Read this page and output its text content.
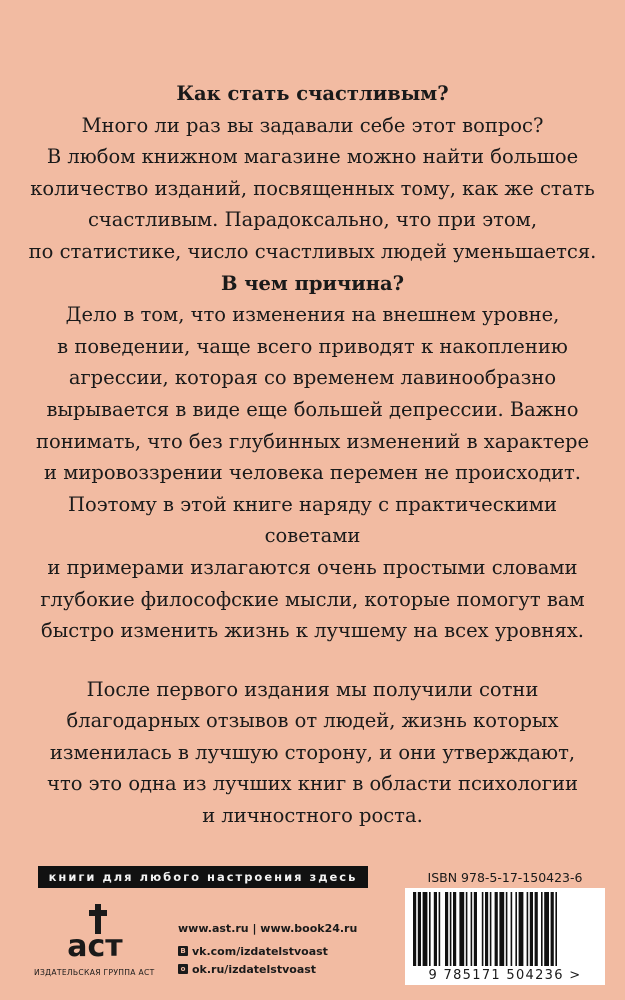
Как стать счастливым?

Много ли раз вы задавали себе этот вопрос?

В любом книжном магазине можно найти большое

количество изданий, посвященных тому, как же стать

счастливым. Парадоксально, что при этом,

по статистике, число счастливых людей уменьшается.

В чем причина?

Дело в том, что изменения на внешнем уровне,

в поведении, чаще всего приводят к накоплению

агрессии, которая со временем лавинообразно

вырывается в виде еще большей депрессии. Важно

понимать, что без глубинных изменений в характере

и мировоззрении человека перемен не происходит.

Поэтому в этой книге наряду с практическими советами

и примерами излагаются очень простыми словами

глубокие философские мысли, которые помогут вам

быстро изменить жизнь к лучшему на всех уровнях.

После первого издания мы получили сотни

благодарных отзывов от людей, жизнь которых

изменилась в лучшую сторону, и они утверждают,

что это одна из лучших книг в области психологии

и личностного роста.

книги для любого настроения здесь
аст
ИЗДАТЕЛЬСКАЯ ГРУППА АСТ
www.ast.ru | www.book24.ru
B vk.com/izdatelstvoast
о ok.ru/izdatelstvoast
ISBN 978-5-17-150423-6
9 785171 504236 >
